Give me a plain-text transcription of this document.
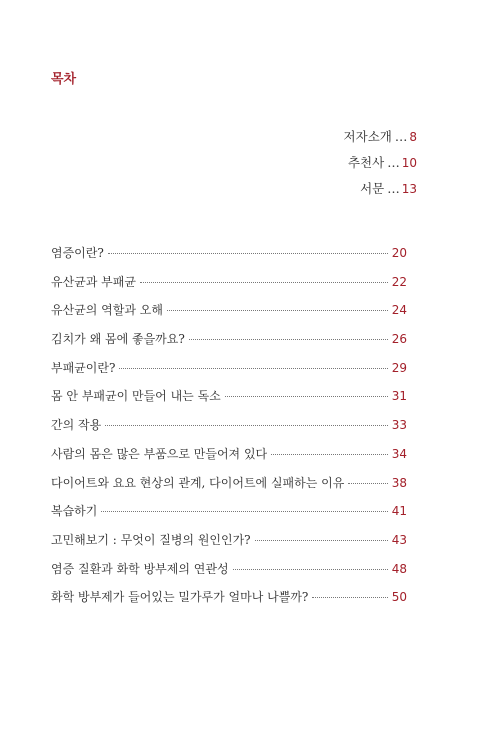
목차
저자소개 … 8
추천사 … 10
서문 … 13
염증이란?	20
유산균과 부패균	22
유산균의 역할과 오해	24
김치가 왜 몸에 좋을까요?	26
부패균이란?	29
몸 안 부패균이 만들어 내는 독소	31
간의 작용	33
사람의 몸은 많은 부품으로 만들어져 있다	34
다이어트와 요요 현상의 관계, 다이어트에 실패하는 이유	38
복습하기	41
고민해보기 : 무엇이 질병의 원인인가?	43
염증 질환과 화학 방부제의 연관성	48
화학 방부제가 들어있는 밀가루가 얼마나 나쁠까?	50
